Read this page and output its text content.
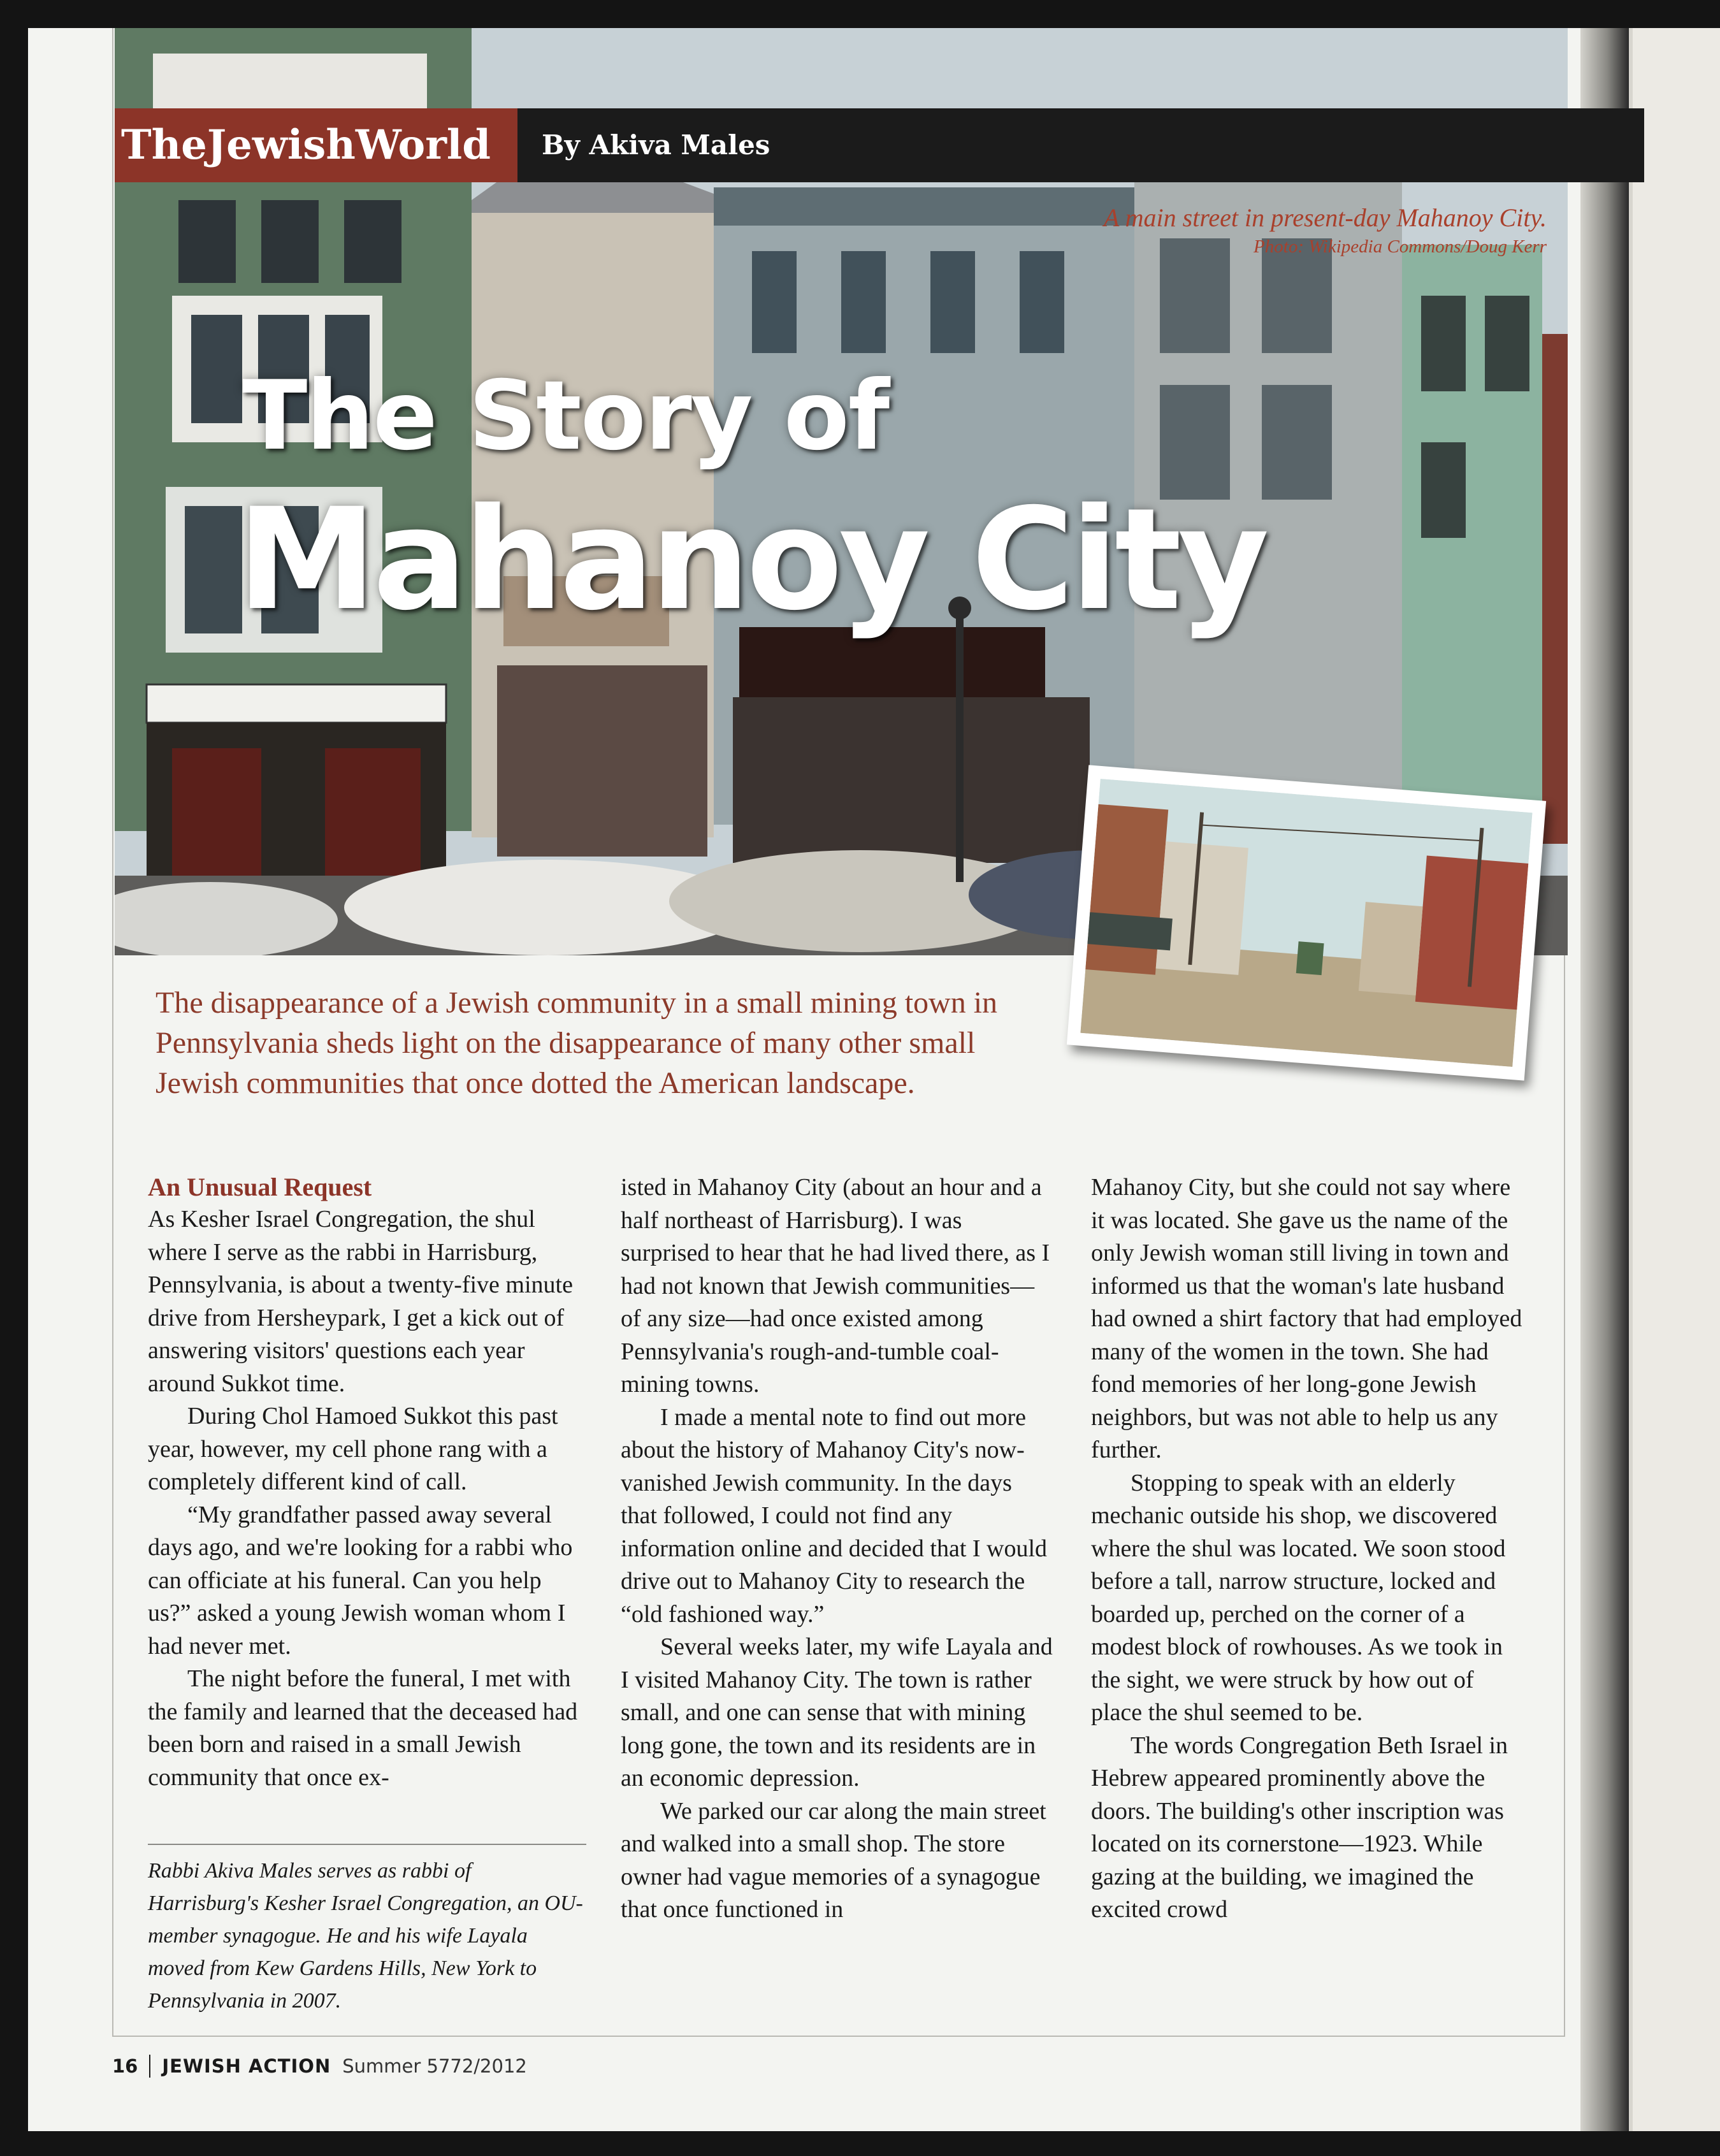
TheJewishWorld	By Akiva Males
A main street in present-day Mahanoy City.
Photo: Wikipedia Commons/Doug Kerr
The Story of
Mahanoy City
The disappearance of a Jewish community in a small mining town in Pennsylvania sheds light on the disappearance of many other small Jewish communities that once dotted the American landscape.
An Unusual Request

As Kesher Israel Congregation, the shul where I serve as the rabbi in Harrisburg, Pennsylvania, is about a twenty-five minute drive from Hersheypark, I get a kick out of answering visitors' questions each year around Sukkot time.

During Chol Hamoed Sukkot this past year, however, my cell phone rang with a completely different kind of call.

“My grandfather passed away several days ago, and we're looking for a rabbi who can officiate at his funeral. Can you help us?” asked a young Jewish woman whom I had never met.

The night before the funeral, I met with the family and learned that the deceased had been born and raised in a small Jewish community that once ex-

isted in Mahanoy City (about an hour and a half northeast of Harrisburg). I was surprised to hear that he had lived there, as I had not known that Jewish communities—of any size—had once existed among Pennsylvania's rough-and-tumble coal-mining towns.

I made a mental note to find out more about the history of Mahanoy City's now-vanished Jewish community. In the days that followed, I could not find any information online and decided that I would drive out to Mahanoy City to research the “old fashioned way.”

Several weeks later, my wife Layala and I visited Mahanoy City. The town is rather small, and one can sense that with mining long gone, the town and its residents are in an economic depression.

We parked our car along the main street and walked into a small shop. The store owner had vague memories of a synagogue that once functioned in

Mahanoy City, but she could not say where it was located. She gave us the name of the only Jewish woman still living in town and informed us that the woman's late husband had owned a shirt factory that had employed many of the women in the town. She had fond memories of her long-gone Jewish neighbors, but was not able to help us any further.

Stopping to speak with an elderly mechanic outside his shop, we discovered where the shul was located. We soon stood before a tall, narrow structure, locked and boarded up, perched on the corner of a modest block of rowhouses. As we took in the sight, we were struck by how out of place the shul seemed to be.

The words Congregation Beth Israel in Hebrew appeared prominently above the doors. The building's other inscription was located on its cornerstone—1923. While gazing at the building, we imagined the excited crowd

Rabbi Akiva Males serves as rabbi of Harrisburg's Kesher Israel Congregation, an OU-member synagogue. He and his wife Layala moved from Kew Gardens Hills, New York to Pennsylvania in 2007.
16 JEWISH ACTION Summer 5772/2012
